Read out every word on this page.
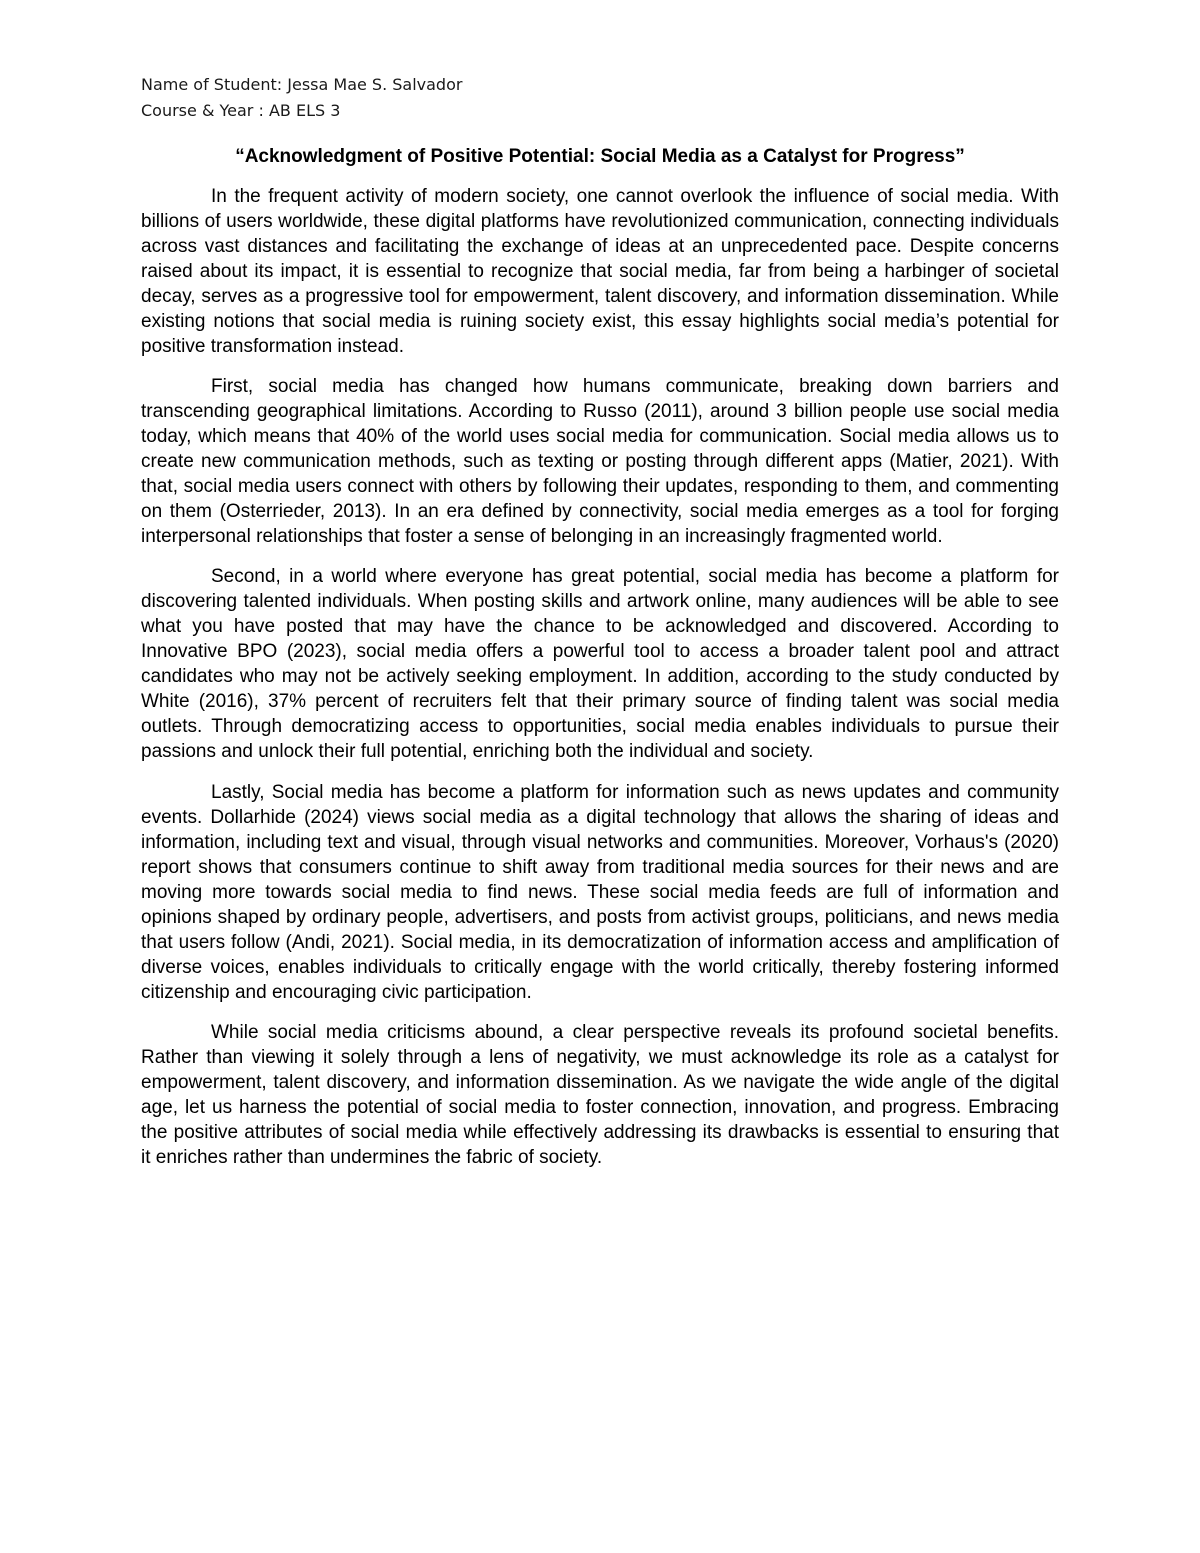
Name of Student: Jessa Mae S. Salvador
Course & Year : AB ELS 3
“Acknowledgment of Positive Potential: Social Media as a Catalyst for Progress”

In the frequent activity of modern society, one cannot overlook the influence of social media. With billions of users worldwide, these digital platforms have revolutionized communication, connecting individuals across vast distances and facilitating the exchange of ideas at an unprecedented pace. Despite concerns raised about its impact, it is essential to recognize that social media, far from being a harbinger of societal decay, serves as a progressive tool for empowerment, talent discovery, and information dissemination. While existing notions that social media is ruining society exist, this essay highlights social media’s potential for positive transformation instead.

First, social media has changed how humans communicate, breaking down barriers and transcending geographical limitations. According to Russo (2011), around 3 billion people use social media today, which means that 40% of the world uses social media for communication. Social media allows us to create new communication methods, such as texting or posting through different apps (Matier, 2021). With that, social media users connect with others by following their updates, responding to them, and commenting on them (Osterrieder, 2013). In an era defined by connectivity, social media emerges as a tool for forging interpersonal relationships that foster a sense of belonging in an increasingly fragmented world.

Second, in a world where everyone has great potential, social media has become a platform for discovering talented individuals. When posting skills and artwork online, many audiences will be able to see what you have posted that may have the chance to be acknowledged and discovered. According to Innovative BPO (2023), social media offers a powerful tool to access a broader talent pool and attract candidates who may not be actively seeking employment. In addition, according to the study conducted by White (2016), 37% percent of recruiters felt that their primary source of finding talent was social media outlets. Through democratizing access to opportunities, social media enables individuals to pursue their passions and unlock their full potential, enriching both the individual and society.

Lastly, Social media has become a platform for information such as news updates and community events. Dollarhide (2024) views social media as a digital technology that allows the sharing of ideas and information, including text and visual, through visual networks and communities. Moreover, Vorhaus's (2020) report shows that consumers continue to shift away from traditional media sources for their news and are moving more towards social media to find news. These social media feeds are full of information and opinions shaped by ordinary people, advertisers, and posts from activist groups, politicians, and news media that users follow (Andi, 2021). Social media, in its democratization of information access and amplification of diverse voices, enables individuals to critically engage with the world critically, thereby fostering informed citizenship and encouraging civic participation.

While social media criticisms abound, a clear perspective reveals its profound societal benefits. Rather than viewing it solely through a lens of negativity, we must acknowledge its role as a catalyst for empowerment, talent discovery, and information dissemination. As we navigate the wide angle of the digital age, let us harness the potential of social media to foster connection, innovation, and progress. Embracing the positive attributes of social media while effectively addressing its drawbacks is essential to ensuring that it enriches rather than undermines the fabric of society.
